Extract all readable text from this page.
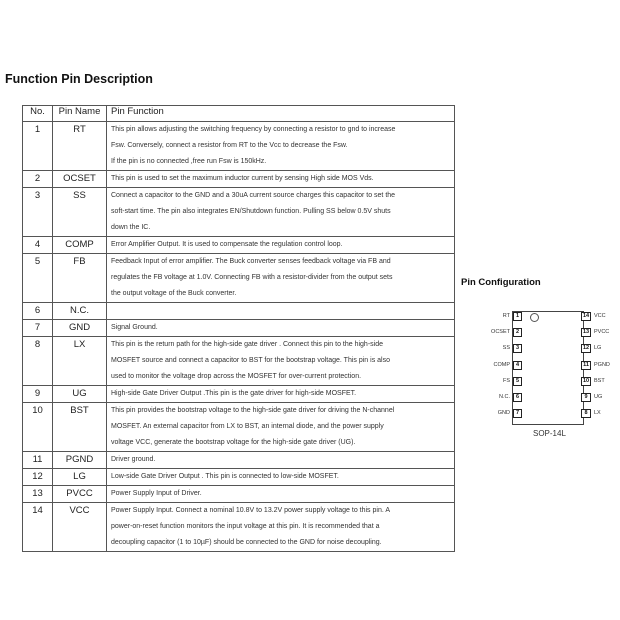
Function Pin Description
No.	Pin Name	Pin Function
1	RT	This pin allows adjusting the switching frequency by connecting a resistor to gnd to increase
Fsw. Conversely, connect a resistor from RT to the Vcc to decrease the Fsw.
If the pin is no connected ,free run Fsw is 150kHz.

2	OCSET	This pin is used to set the maximum inductor current by sensing High side MOS Vds.

3	SS	Connect a capacitor to the GND and a 30uA current source charges this capacitor to set the
soft-start time. The pin also integrates EN/Shutdown function. Pulling SS below 0.5V shuts
down the IC.

4	COMP	Error Amplifier Output. It is used to compensate the regulation control loop.

5	FB	Feedback Input of error amplifier. The Buck converter senses feedback voltage via FB and
regulates the FB voltage at 1.0V. Connecting FB with a resistor-divider from the output sets
the output voltage of the Buck converter.

6	N.C.	

7	GND	Signal Ground.

8	LX	This pin is the return path for the high-side gate driver . Connect this pin to the high-side
MOSFET source and connect a capacitor to BST for the bootstrap voltage. This pin is also
used to monitor the voltage drop across the MOSFET for over-current protection.

9	UG	High-side Gate Driver Output .This pin is the gate driver for high-side MOSFET.

10	BST	This pin provides the bootstrap voltage to the high-side gate driver for driving the N-channel
MOSFET. An external capacitor from LX to BST, an internal diode, and the power supply
voltage VCC, generate the bootstrap voltage for the high-side gate driver (UG).

11	PGND	Driver ground.

12	LG	Low-side Gate Driver Output . This pin is connected to low-side MOSFET.

13	PVCC	Power Supply Input of Driver.

14	VCC	Power Supply Input. Connect a nominal 10.8V to 13.2V power supply voltage to this pin. A
power-on-reset function monitors the input voltage at this pin. It is recommended that a
decoupling capacitor (1 to 10µF) should be connected to the GND for noise decoupling.
Pin Configuration
RT	1
OCSET	2
SS	3
COMP	4
FS	5
N.C.	6
GND	7
14 VCC
13 PVCC
12 LG
11 PGND
10 BST
9	UG
8	LX
SOP-14L
